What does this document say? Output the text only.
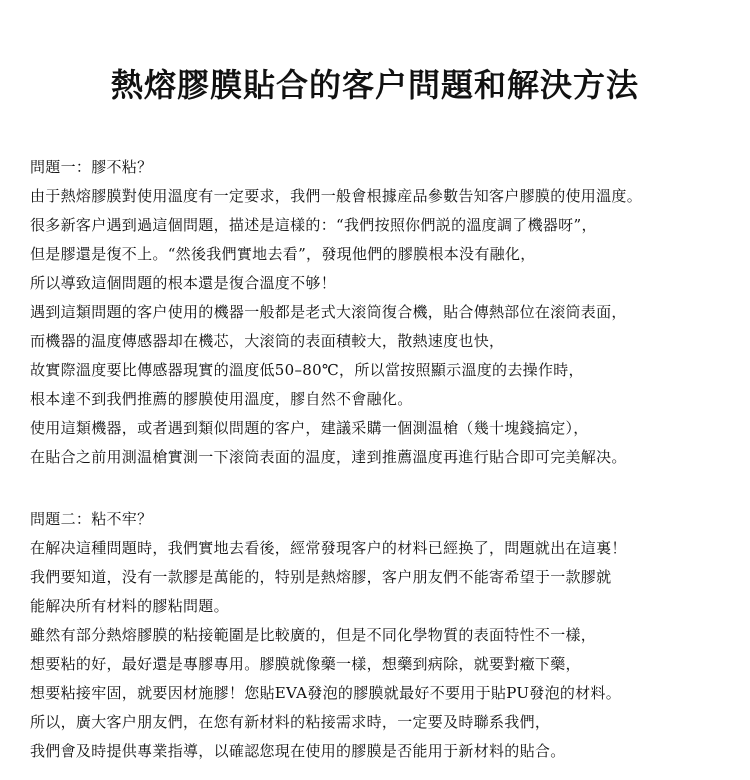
熱熔膠膜貼合的客户問題和解決方法
問題一：膠不粘？
由于熱熔膠膜對使用溫度有一定要求，我們一般會根據産品參數告知客户膠膜的使用溫度。
很多新客户遇到過這個問題，描述是這樣的：“我們按照你們説的溫度調了機器呀”，
但是膠還是復不上。“然後我們實地去看”，發現他們的膠膜根本没有融化，
所以導致這個問題的根本還是復合溫度不够！
遇到這類問題的客户使用的機器一般都是老式大滚筒復合機，貼合傳熱部位在滚筒表面，
而機器的温度傳感器却在機芯，大滚筒的表面積較大，散熱速度也快，
故實際溫度要比傳感器現實的溫度低50–80℃，所以當按照顯示溫度的去操作時，
根本達不到我們推薦的膠膜使用溫度，膠自然不會融化。
使用這類機器，或者遇到類似問題的客户，建議采購一個測温槍（幾十塊錢搞定），
在貼合之前用測温槍實測一下滚筒表面的温度，達到推薦溫度再進行貼合即可完美解决。
問題二：粘不牢？
在解决這種問題時，我們實地去看後，經常發現客户的材料已經换了，問題就出在這裏！
我們要知道，没有一款膠是萬能的，特别是熱熔膠，客户朋友們不能寄希望于一款膠就
能解决所有材料的膠粘問題。
雖然有部分熱熔膠膜的粘接範圍是比較廣的，但是不同化學物質的表面特性不一樣，
想要粘的好，最好還是專膠專用。膠膜就像藥一樣，想藥到病除，就要對癥下藥，
想要粘接牢固，就要因材施膠！您貼EVA發泡的膠膜就最好不要用于貼PU發泡的材料。
所以，廣大客户朋友們，在您有新材料的粘接需求時，一定要及時聯系我們，
我們會及時提供專業指導，以確認您現在使用的膠膜是否能用于新材料的貼合。
